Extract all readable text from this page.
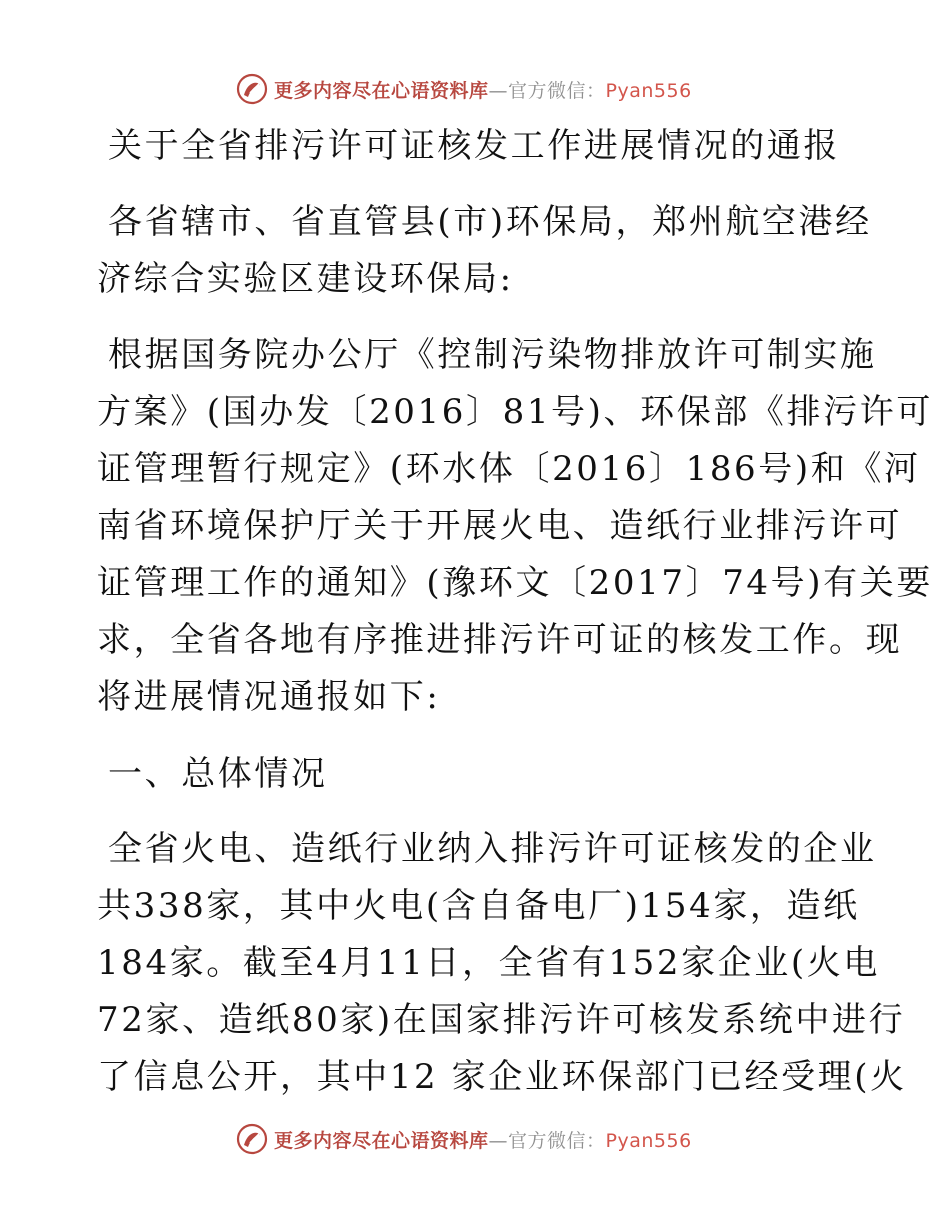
更多内容尽在心语资料库—官方微信：Pyan556
关于全省排污许可证核发工作进展情况的通报
各省辖市、省直管县(市)环保局，郑州航空港经
济综合实验区建设环保局:
根据国务院办公厅《控制污染物排放许可制实施
方案》(国办发〔2016〕81号)、环保部《排污许可
证管理暂行规定》(环水体〔2016〕186号)和《河
南省环境保护厅关于开展火电、造纸行业排污许可
证管理工作的通知》(豫环文〔2017〕74号)有关要
求，全省各地有序推进排污许可证的核发工作。现
将进展情况通报如下:
一、总体情况
全省火电、造纸行业纳入排污许可证核发的企业
共338家，其中火电(含自备电厂)154家，造纸
184家。截至4月11日，全省有152家企业(火电
72家、造纸80家)在国家排污许可核发系统中进行
了信息公开，其中12 家企业环保部门已经受理(火
更多内容尽在心语资料库—官方微信：Pyan556
